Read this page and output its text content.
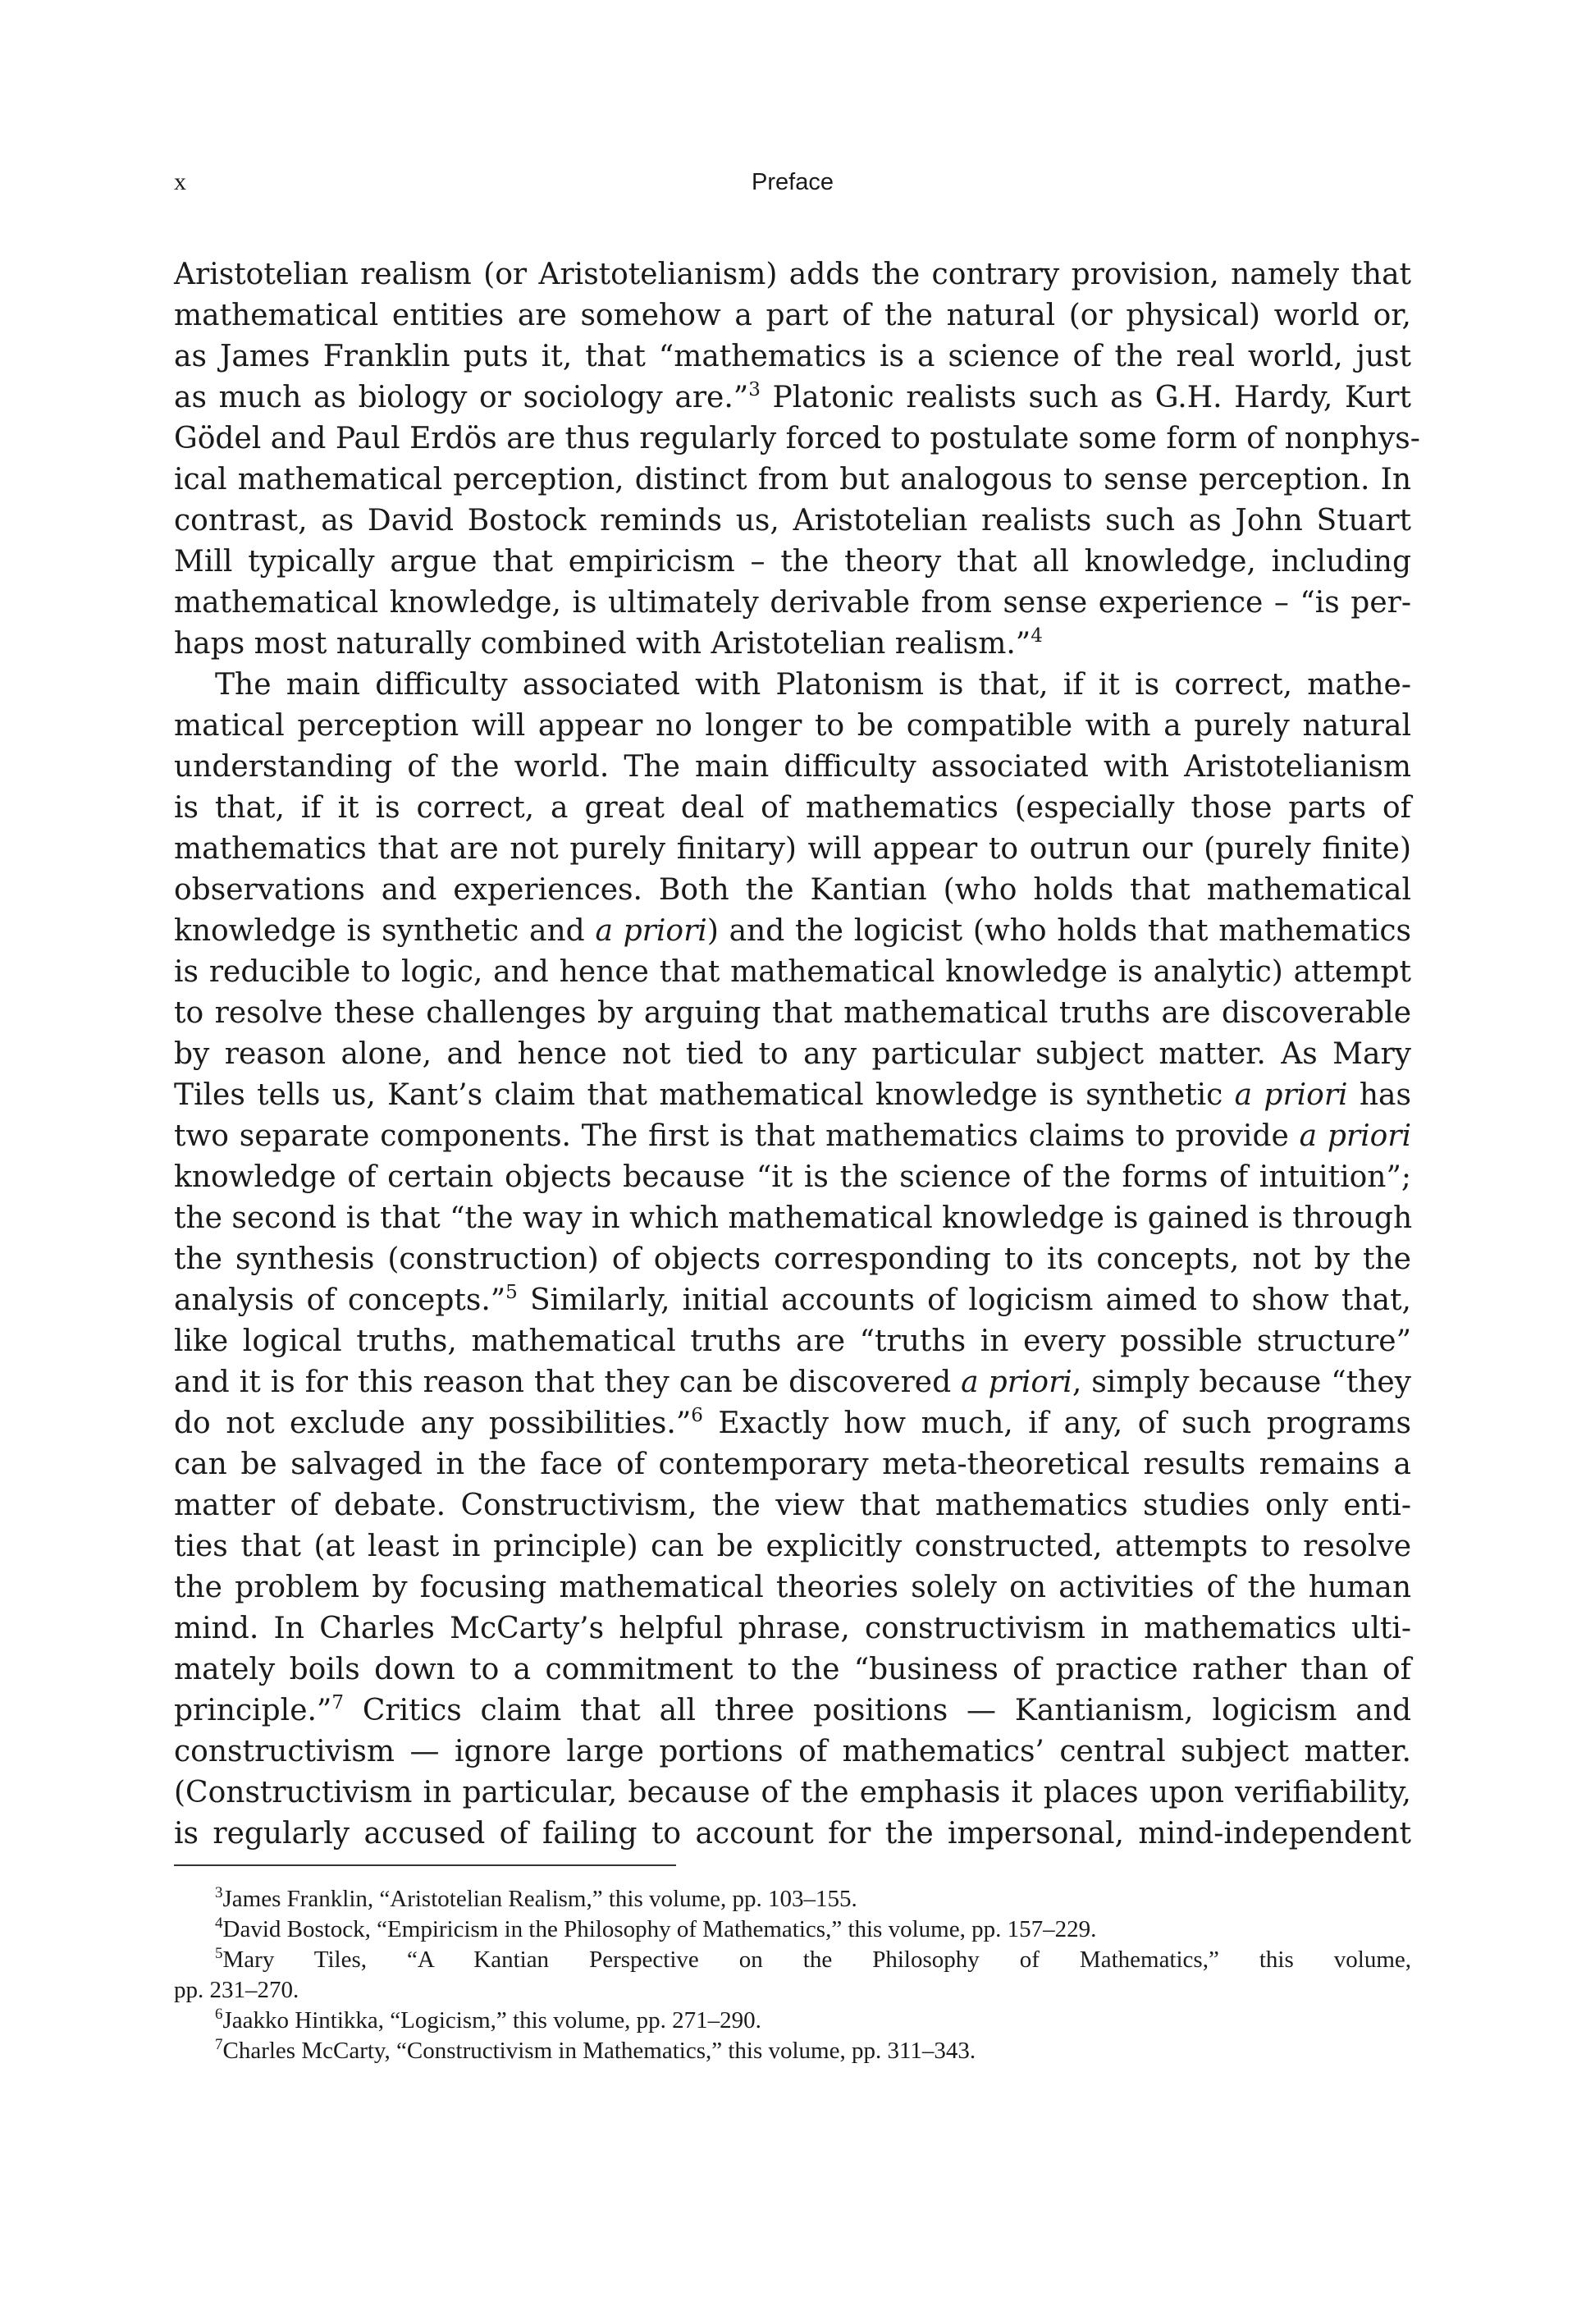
x	Preface
Aristotelian realism (or Aristotelianism) adds the contrary provision, namely that
mathematical entities are somehow a part of the natural (or physical) world or,
as James Franklin puts it, that “mathematics is a science of the real world, just
as much as biology or sociology are.”$^3$ Platonic realists such as G.H. Hardy, Kurt
Gödel and Paul Erdös are thus regularly forced to postulate some form of nonphys-
ical mathematical perception, distinct from but analogous to sense perception. In
contrast, as David Bostock reminds us, Aristotelian realists such as John Stuart
Mill typically argue that empiricism – the theory that all knowledge, including
mathematical knowledge, is ultimately derivable from sense experience – “is per-
haps most naturally combined with Aristotelian realism.”$^4$
The main difficulty associated with Platonism is that, if it is correct, mathe-
matical perception will appear no longer to be compatible with a purely natural
understanding of the world. The main difficulty associated with Aristotelianism
is that, if it is correct, a great deal of mathematics (especially those parts of
mathematics that are not purely finitary) will appear to outrun our (purely finite)
observations and experiences. Both the Kantian (who holds that mathematical
knowledge is synthetic and a priori) and the logicist (who holds that mathematics
is reducible to logic, and hence that mathematical knowledge is analytic) attempt
to resolve these challenges by arguing that mathematical truths are discoverable
by reason alone, and hence not tied to any particular subject matter. As Mary
Tiles tells us, Kant’s claim that mathematical knowledge is synthetic a priori has
two separate components. The first is that mathematics claims to provide a priori
knowledge of certain objects because “it is the science of the forms of intuition”;
the second is that “the way in which mathematical knowledge is gained is through
the synthesis (construction) of objects corresponding to its concepts, not by the
analysis of concepts.”$^5$ Similarly, initial accounts of logicism aimed to show that,
like logical truths, mathematical truths are “truths in every possible structure”
and it is for this reason that they can be discovered a priori, simply because “they
do not exclude any possibilities.”$^6$ Exactly how much, if any, of such programs
can be salvaged in the face of contemporary meta-theoretical results remains a
matter of debate. Constructivism, the view that mathematics studies only enti-
ties that (at least in principle) can be explicitly constructed, attempts to resolve
the problem by focusing mathematical theories solely on activities of the human
mind. In Charles McCarty’s helpful phrase, constructivism in mathematics ulti-
mately boils down to a commitment to the “business of practice rather than of
principle.”$^7$ Critics claim that all three positions — Kantianism, logicism and
constructivism — ignore large portions of mathematics’ central subject matter.
(Constructivism in particular, because of the emphasis it places upon verifiability,
is regularly accused of failing to account for the impersonal, mind-independent
$^3$James Franklin, “Aristotelian Realism,” this volume, pp. 103–155.
$^4$David Bostock, “Empiricism in the Philosophy of Mathematics,” this volume, pp. 157–229.
$^5$Mary Tiles, “A Kantian Perspective on the Philosophy of Mathematics,” this volume,
pp. 231–270.
$^6$Jaakko Hintikka, “Logicism,” this volume, pp. 271–290.
$^7$Charles McCarty, “Constructivism in Mathematics,” this volume, pp. 311–343.
